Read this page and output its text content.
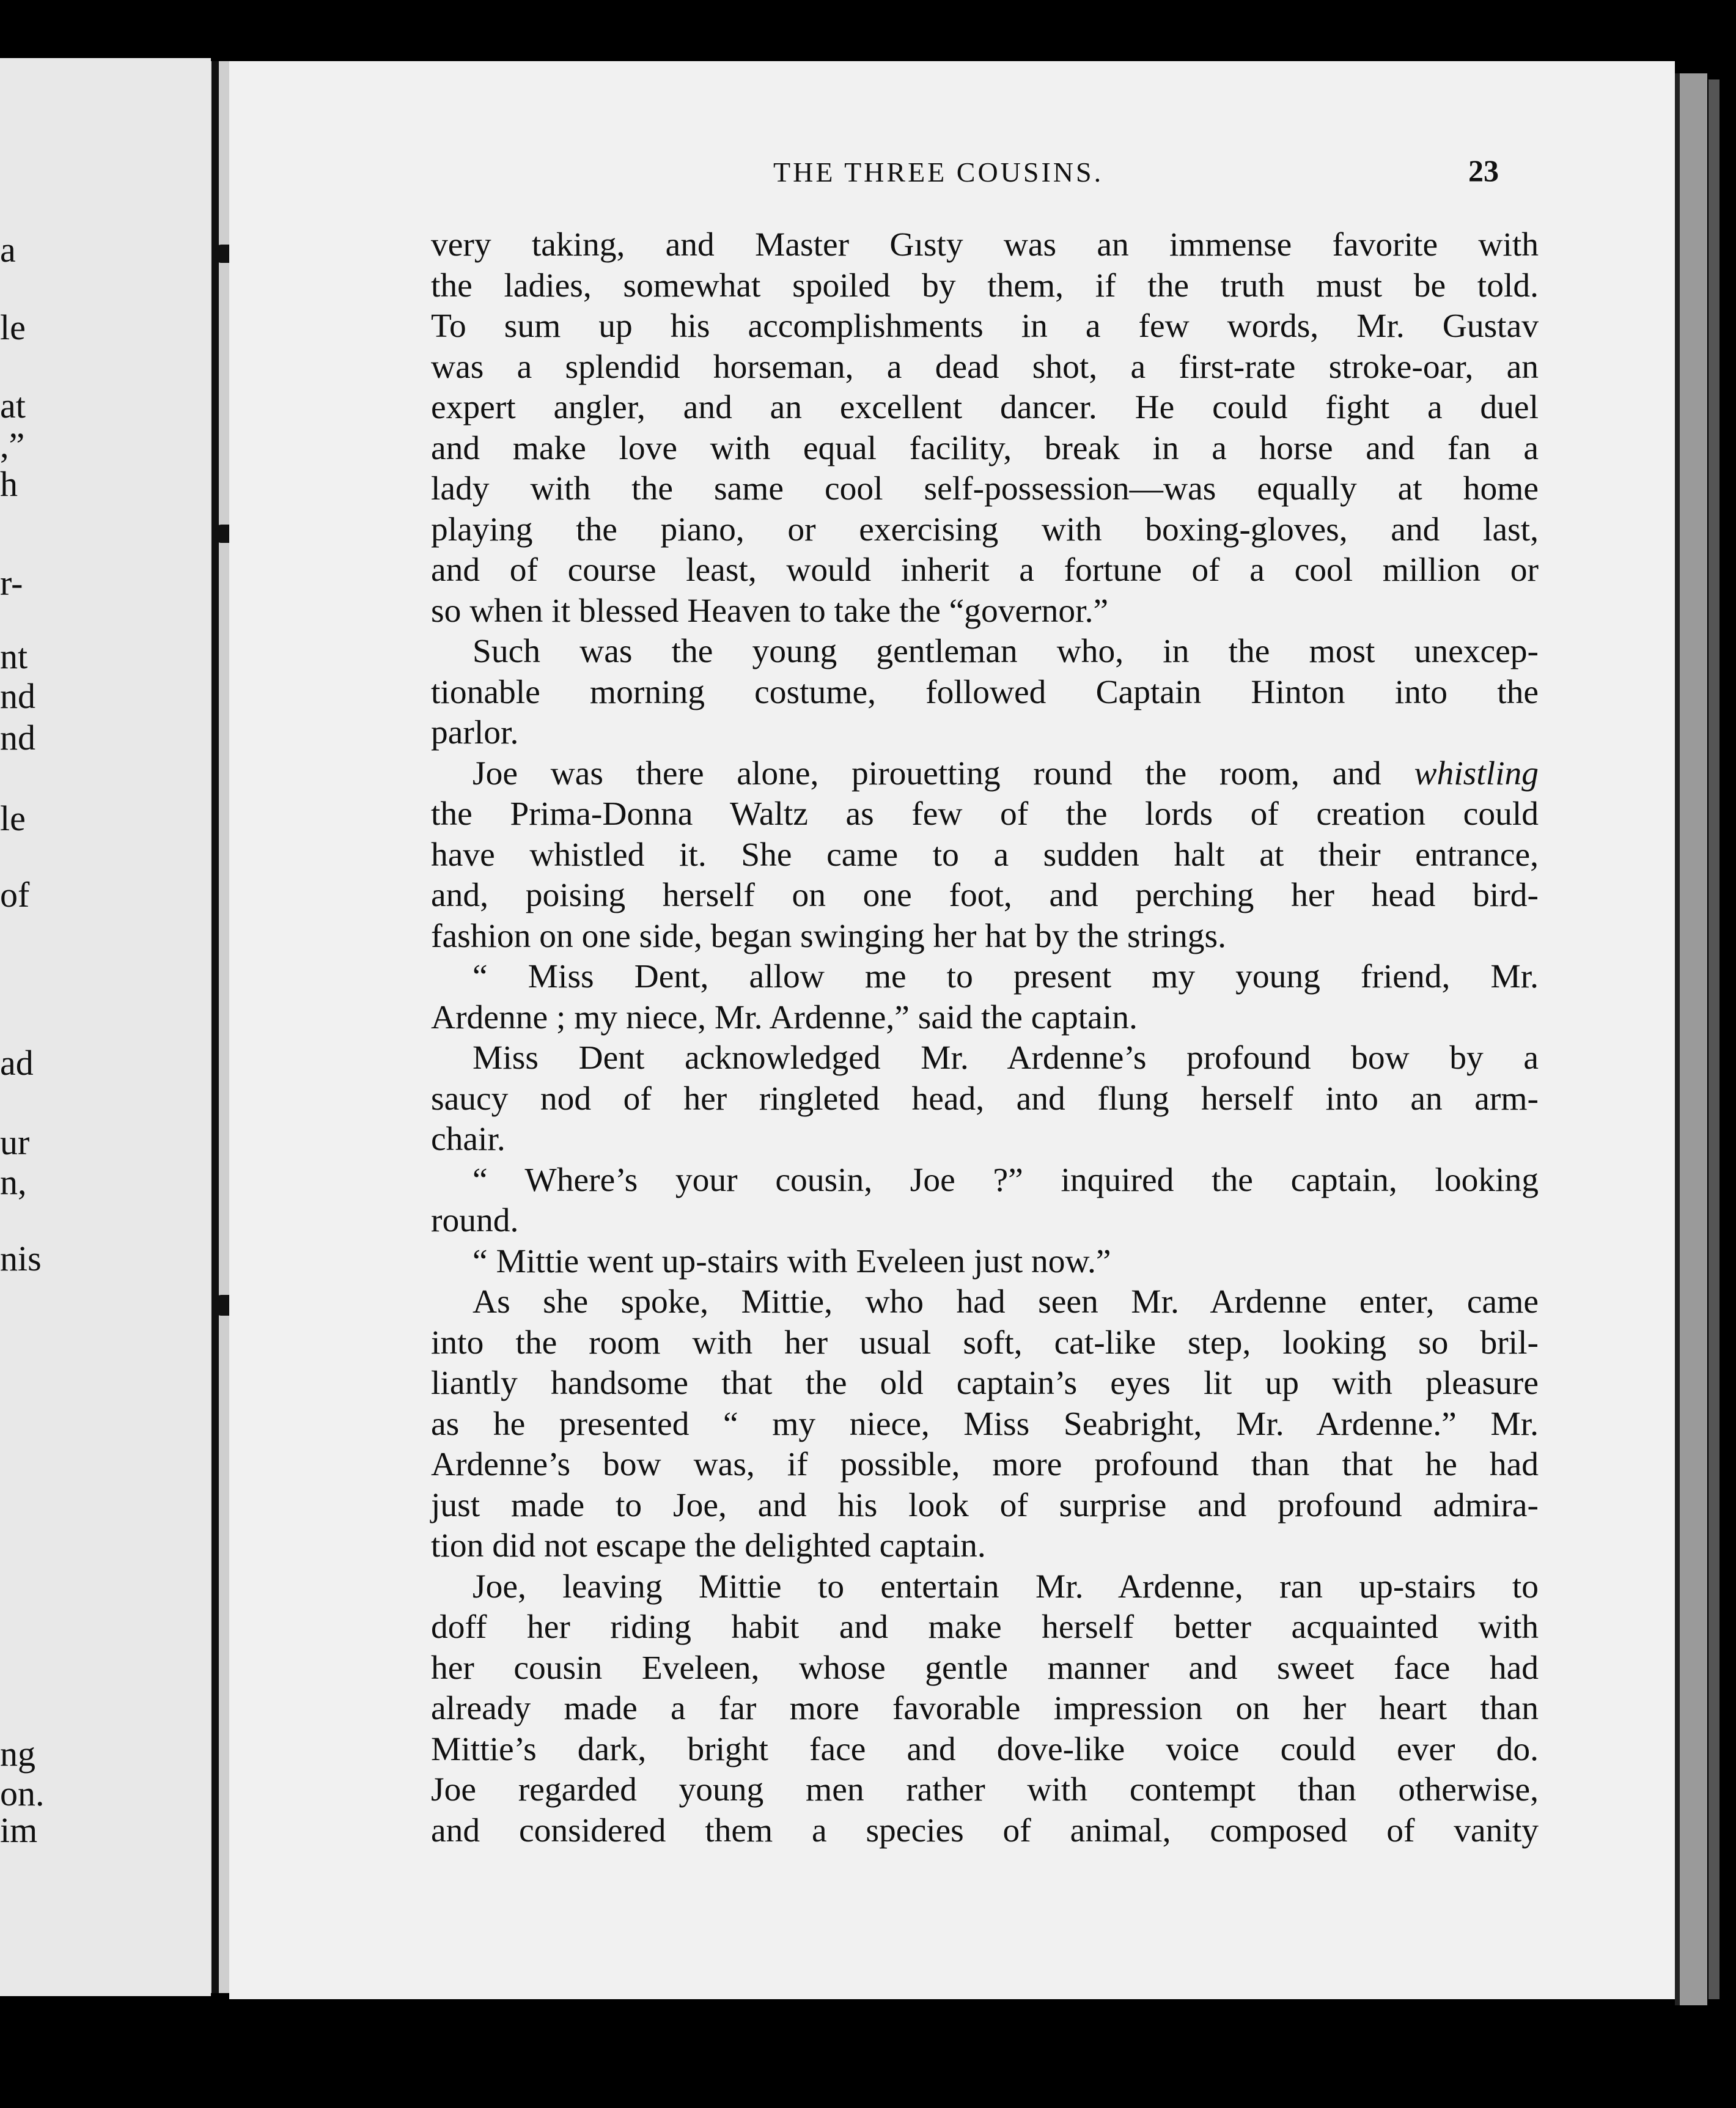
a
le
at
,”
h
r-
nt
nd
nd
le
of
ad
ur
n,
nis
ng
on.
im
THE THREE COUSINS.	23
very taking, and Master Gısty was an immense favorite with
the ladies, somewhat spoiled by them, if the truth must be told.
To sum up his accomplishments in a few words, Mr. Gustav
was a splendid horseman, a dead shot, a first-rate stroke-oar, an
expert angler, and an excellent dancer. He could fight a duel
and make love with equal facility, break in a horse and fan a
lady with the same cool self-possession—was equally at home
playing the piano, or exercising with boxing-gloves, and last,
and of course least, would inherit a fortune of a cool million or
so when it blessed Heaven to take the “governor.”
Such was the young gentleman who, in the most unexcep-
tionable morning costume, followed Captain Hinton into the
parlor.
Joe was there alone, pirouetting round the room, and whistling
the Prima-Donna Waltz as few of the lords of creation could
have whistled it. She came to a sudden halt at their entrance,
and, poising herself on one foot, and perching her head bird-
fashion on one side, began swinging her hat by the strings.
“ Miss Dent, allow me to present my young friend, Mr.
Ardenne ; my niece, Mr. Ardenne,” said the captain.
Miss Dent acknowledged Mr. Ardenne’s profound bow by a
saucy nod of her ringleted head, and flung herself into an arm-
chair.
“ Where’s your cousin, Joe ?” inquired the captain, looking
round.
“ Mittie went up-stairs with Eveleen just now.”
As she spoke, Mittie, who had seen Mr. Ardenne enter, came
into the room with her usual soft, cat-like step, looking so bril-
liantly handsome that the old captain’s eyes lit up with pleasure
as he presented “ my niece, Miss Seabright, Mr. Ardenne.” Mr.
Ardenne’s bow was, if possible, more profound than that he had
just made to Joe, and his look of surprise and profound admira-
tion did not escape the delighted captain.
Joe, leaving Mittie to entertain Mr. Ardenne, ran up-stairs to
doff her riding habit and make herself better acquainted with
her cousin Eveleen, whose gentle manner and sweet face had
already made a far more favorable impression on her heart than
Mittie’s dark, bright face and dove-like voice could ever do.
Joe regarded young men rather with contempt than otherwise,
and considered them a species of animal, composed of vanity
